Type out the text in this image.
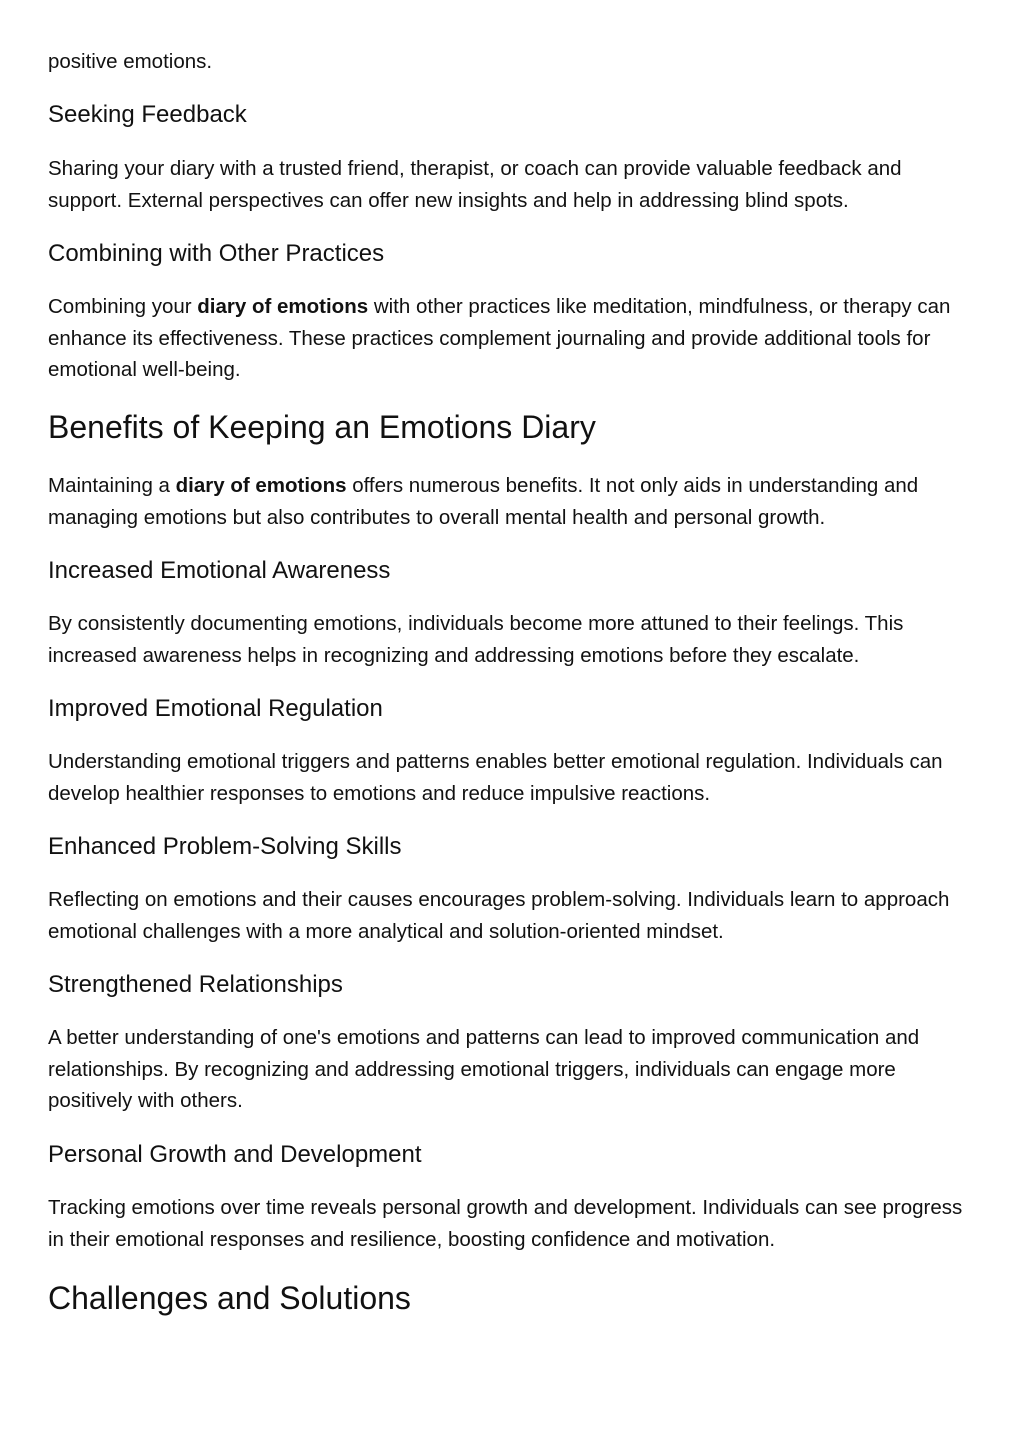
positive emotions.

Seeking Feedback

Sharing your diary with a trusted friend, therapist, or coach can provide valuable feedback and support. External perspectives can offer new insights and help in addressing blind spots.

Combining with Other Practices

Combining your diary of emotions with other practices like meditation, mindfulness, or therapy can enhance its effectiveness. These practices complement journaling and provide additional tools for emotional well-being.

Benefits of Keeping an Emotions Diary

Maintaining a diary of emotions offers numerous benefits. It not only aids in understanding and managing emotions but also contributes to overall mental health and personal growth.

Increased Emotional Awareness

By consistently documenting emotions, individuals become more attuned to their feelings. This increased awareness helps in recognizing and addressing emotions before they escalate.

Improved Emotional Regulation

Understanding emotional triggers and patterns enables better emotional regulation. Individuals can develop healthier responses to emotions and reduce impulsive reactions.

Enhanced Problem-Solving Skills

Reflecting on emotions and their causes encourages problem-solving. Individuals learn to approach emotional challenges with a more analytical and solution-oriented mindset.

Strengthened Relationships

A better understanding of one's emotions and patterns can lead to improved communication and relationships. By recognizing and addressing emotional triggers, individuals can engage more positively with others.

Personal Growth and Development

Tracking emotions over time reveals personal growth and development. Individuals can see progress in their emotional responses and resilience, boosting confidence and motivation.

Challenges and Solutions
